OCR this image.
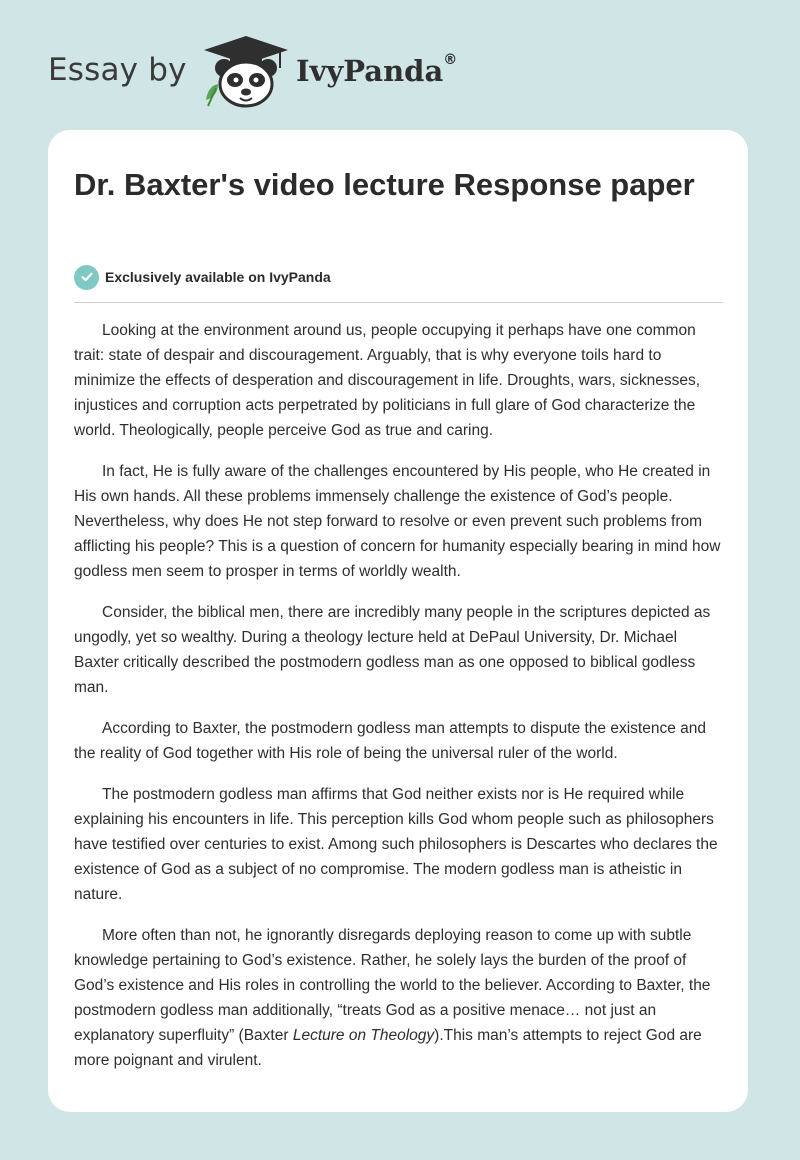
Essay by	IvyPanda®
Dr. Baxter's video lecture Response paper
Exclusively available on IvyPanda

Looking at the environment around us, people occupying it perhaps have one common trait: state of despair and discouragement. Arguably, that is why everyone toils hard to minimize the effects of desperation and discouragement in life. Droughts, wars, sicknesses, injustices and corruption acts perpetrated by politicians in full glare of God characterize the world. Theologically, people perceive God as true and caring.

In fact, He is fully aware of the challenges encountered by His people, who He created in His own hands. All these problems immensely challenge the existence of God’s people. Nevertheless, why does He not step forward to resolve or even prevent such problems from afflicting his people? This is a question of concern for humanity especially bearing in mind how godless men seem to prosper in terms of worldly wealth.

Consider, the biblical men, there are incredibly many people in the scriptures depicted as ungodly, yet so wealthy. During a theology lecture held at DePaul University, Dr. Michael Baxter critically described the postmodern godless man as one opposed to biblical godless man.

According to Baxter, the postmodern godless man attempts to dispute the existence and the reality of God together with His role of being the universal ruler of the world.

The postmodern godless man affirms that God neither exists nor is He required while explaining his encounters in life. This perception kills God whom people such as philosophers have testified over centuries to exist. Among such philosophers is Descartes who declares the existence of God as a subject of no compromise. The modern godless man is atheistic in nature.

More often than not, he ignorantly disregards deploying reason to come up with subtle knowledge pertaining to God’s existence. Rather, he solely lays the burden of the proof of God’s existence and His roles in controlling the world to the believer. According to Baxter, the postmodern godless man additionally, “treats God as a positive menace… not just an explanatory superfluity” (Baxter Lecture on Theology).This man’s attempts to reject God are more poignant and virulent.
